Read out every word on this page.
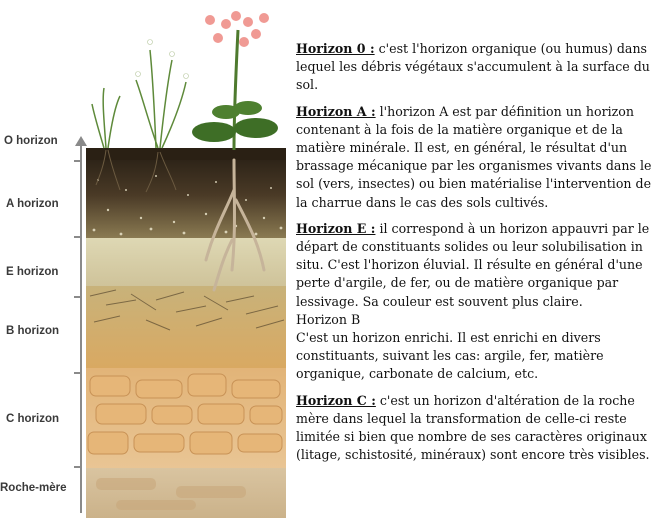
O horizon
A horizon
E horizon
B horizon
C horizon
Roche-mère

Horizon 0 : c'est l'horizon organique (ou humus) dans lequel les débris végétaux s'accumulent à la surface du sol.

Horizon A : l'horizon A est par définition un horizon contenant à la fois de la matière organique et de la matière minérale. Il est, en général, le résultat d'un brassage mécanique par les organismes vivants dans le sol (vers, insectes) ou bien matérialise l'intervention de la charrue dans le cas des sols cultivés.

Horizon E : il correspond à un horizon appauvri par le départ de constituants solides ou leur solubilisation in situ. C'est l'horizon éluvial. Il résulte en général d'une perte d'argile, de fer, ou de matière organique par lessivage. Sa couleur est souvent plus claire.

Horizon B

C'est un horizon enrichi. Il est enrichi en divers constituants, suivant les cas: argile, fer, matière organique, carbonate de calcium, etc.

Horizon C : c'est un horizon d'altération de la roche mère dans lequel la transformation de celle-ci reste limitée si bien que nombre de ses caractères originaux (litage, schistosité, minéraux) sont encore très visibles.
